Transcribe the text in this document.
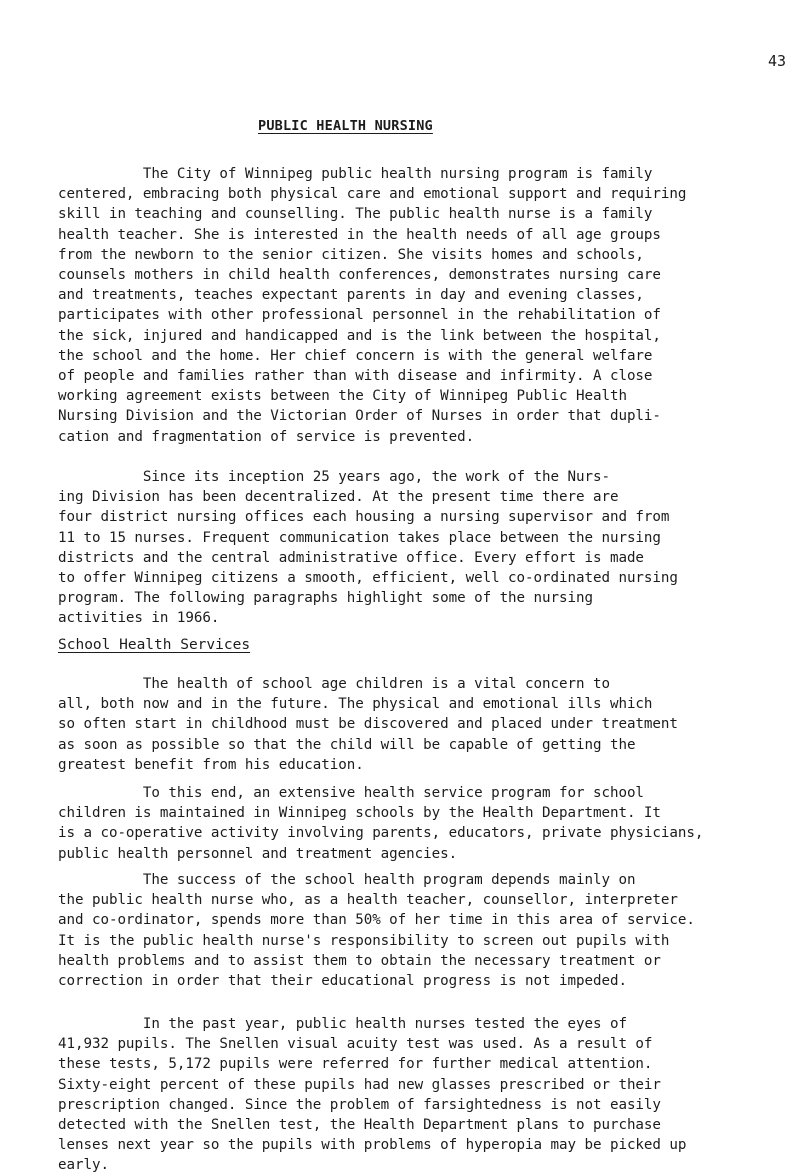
43
PUBLIC HEALTH NURSING

The City of Winnipeg public health nursing program is family
centered, embracing both physical care and emotional support and requiring
skill in teaching and counselling. The public health nurse is a family
health teacher. She is interested in the health needs of all age groups
from the newborn to the senior citizen. She visits homes and schools,
counsels mothers in child health conferences, demonstrates nursing care
and treatments, teaches expectant parents in day and evening classes,
participates with other professional personnel in the rehabilitation of
the sick, injured and handicapped and is the link between the hospital,
the school and the home. Her chief concern is with the general welfare
of people and families rather than with disease and infirmity. A close
working agreement exists between the City of Winnipeg Public Health
Nursing Division and the Victorian Order of Nurses in order that dupli-
cation and fragmentation of service is prevented.

Since its inception 25 years ago, the work of the Nurs-
ing Division has been decentralized. At the present time there are
four district nursing offices each housing a nursing supervisor and from
11 to 15 nurses. Frequent communication takes place between the nursing
districts and the central administrative office. Every effort is made
to offer Winnipeg citizens a smooth, efficient, well co-ordinated nursing
program. The following paragraphs highlight some of the nursing
activities in 1966.

School Health Services

The health of school age children is a vital concern to
all, both now and in the future. The physical and emotional ills which
so often start in childhood must be discovered and placed under treatment
as soon as possible so that the child will be capable of getting the
greatest benefit from his education.

To this end, an extensive health service program for school
children is maintained in Winnipeg schools by the Health Department. It
is a co-operative activity involving parents, educators, private physicians,
public health personnel and treatment agencies.

The success of the school health program depends mainly on
the public health nurse who, as a health teacher, counsellor, interpreter
and co-ordinator, spends more than 50% of her time in this area of service.
It is the public health nurse's responsibility to screen out pupils with
health problems and to assist them to obtain the necessary treatment or
correction in order that their educational progress is not impeded.

In the past year, public health nurses tested the eyes of
41,932 pupils. The Snellen visual acuity test was used. As a result of
these tests, 5,172 pupils were referred for further medical attention.
Sixty-eight percent of these pupils had new glasses prescribed or their
prescription changed. Since the problem of farsightedness is not easily
detected with the Snellen test, the Health Department plans to purchase
lenses next year so the pupils with problems of hyperopia may be picked up
early.
